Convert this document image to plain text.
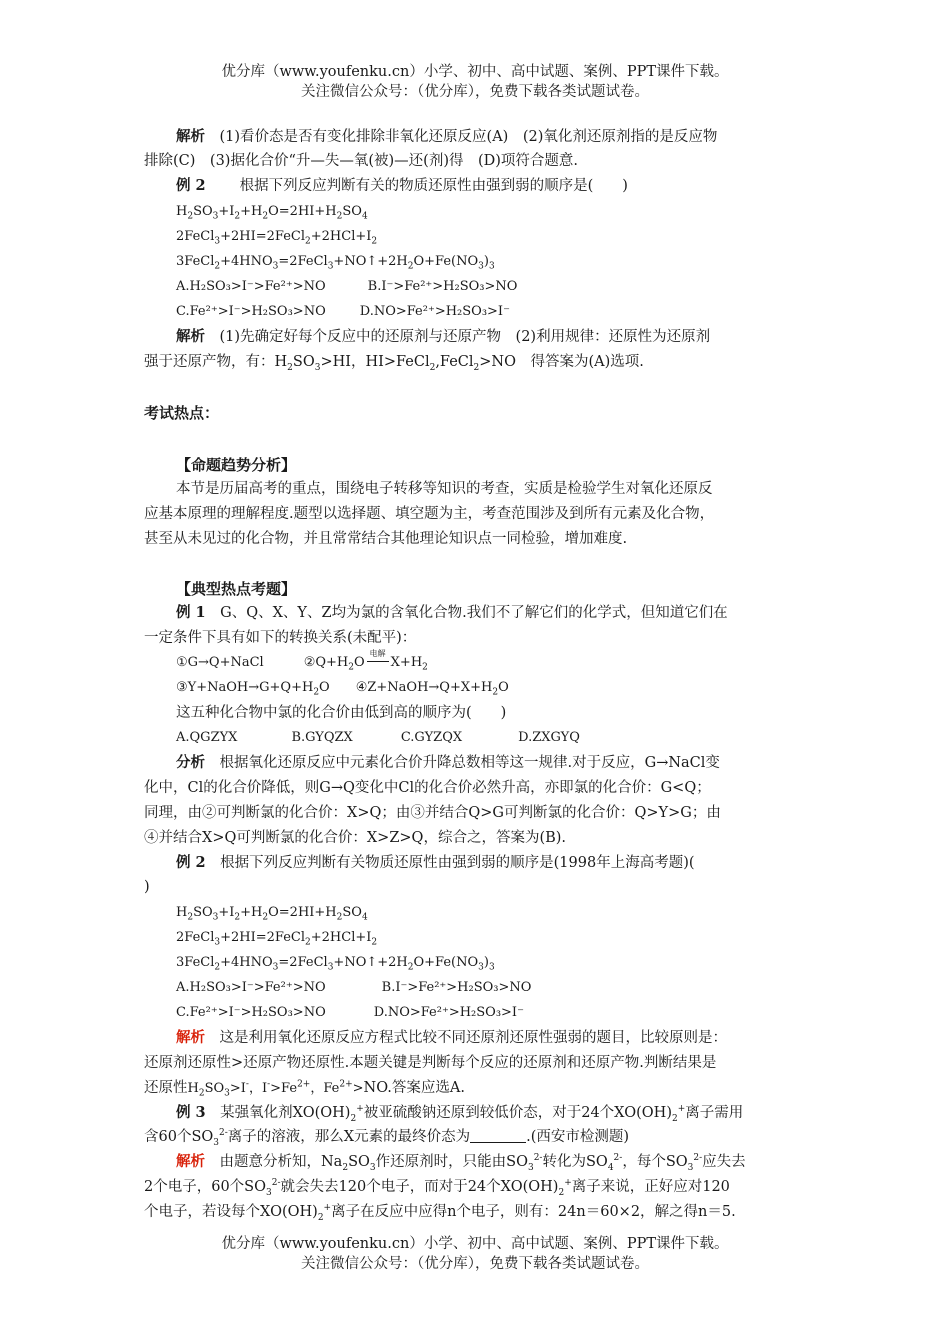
优分库（www.youfenku.cn）小学、初中、高中试题、案例、PPT课件下载。
关注微信公众号：（优分库），免费下载各类试题试卷。
解析　 (1)看价态是否有变化排除非氧化还原反应(A)　(2)氧化剂还原剂指的是反应物
排除(C)　(3)据化合价“升—失—氧(被)—还(剂)得　(D)项符合题意.
例 2 根据下列反应判断有关的物质还原性由强到弱的顺序是(　　)
$H_2SO_3+I_2+H_2O=2HI+H_2SO_4$
$2FeCl_3+2HI=2FeCl_2+2HCl+I_2$
$3FeCl_2+4HNO_3=2FeCl_3+NO↑+2H_2O+Fe(NO_3)_3$
A.H₂SO₃>I⁻>Fe²⁺>NO	B.I⁻>Fe²⁺>H₂SO₃>NO
C.Fe²⁺>I⁻>H₂SO₃>NO	D.NO>Fe²⁺>H₂SO₃>I⁻
解析　 (1)先确定好每个反应中的还原剂与还原产物　(2)利用规律：还原性为还原剂
强于还原产物，有：$H_2SO_3>HI$，HI>FeCl$_2$,FeCl$_2$>NO　得答案为(A)选项.
考试热点：
【命题趋势分析】
本节是历届高考的重点，围绕电子转移等知识的考查，实质是检验学生对氧化还原反
应基本原理的理解程度.题型以选择题、填空题为主，考查范围涉及到所有元素及化合物，
甚至从未见过的化合物，并且常常结合其他理论知识点一同检验，增加难度.
【典型热点考题】
例 1　 G、Q、X、Y、Z均为氯的含氧化合物.我们不了解它们的化学式，但知道它们在
一定条件下具有如下的转换关系(未配平)：
①G→Q+NaCl	$②Q+H_2O$
电解
$X+H_2$
$③Y+NaOH\to G+Q+H_2O$ $④Z+NaOH\to Q+X+H_2O$
这五种化合物中氯的化合价由低到高的顺序为(　　)
A.QGZYX	B.GYQZX	C.GYZQX	D.ZXGYQ
分析　 根据氧化还原反应中元素化合价升降总数相等这一规律.对于反应，G→NaCl变
化中，Cl的化合价降低，则G→Q变化中Cl的化合价必然升高，亦即氯的化合价：G<Q；
同理，由②可判断氯的化合价：X>Q；由③并结合Q>G可判断氯的化合价：Q>Y>G；由
④并结合X>Q可判断氯的化合价：X>Z>Q，综合之，答案为(B).
例 2　 根据下列反应判断有关物质还原性由强到弱的顺序是(1998年上海高考题)(
)
$H_2SO_3+I_2+H_2O=2HI+H_2SO_4$
$2FeCl_3+2HI=2FeCl_2+2HCl+I_2$
$3FeCl_2+4HNO_3=2FeCl_3+NO↑+2H_2O+Fe(NO_3)_3$
A.H₂SO₃>I⁻>Fe²⁺>NO	B.I⁻>Fe²⁺>H₂SO₃>NO
C.Fe²⁺>I⁻>H₂SO₃>NO	D.NO>Fe²⁺>H₂SO₃>I⁻
解析　 这是利用氧化还原反应方程式比较不同还原剂还原性强弱的题目，比较原则是：
还原剂还原性>还原产物还原性.本题关键是判断每个反应的还原剂和还原产物.判断结果是
还原性$H_2SO_3>I^-$，$I^->Fe^{2+}$，$Fe^{2+}>NO$.答案应选A.
例 3　 某强氧化剂$XO(OH)_2^+$被亚硫酸钠还原到较低价态，对于24个$XO(OH)_2^+$离子需用
含60个$SO_3^{2-}$离子的溶液，那么X元素的最终价态为	.(西安市检测题)
解析　 由题意分析知，$Na_2SO_3$作还原剂时，只能由$SO_3^{2-}$转化为$SO_4^{2-}$，每个$SO_3^{2-}$应失去
2个电子，60个$SO_3^{2-}$就会失去120个电子，而对于24个$XO(OH)_2^+$离子来说，正好应对120
个电子，若设每个$XO(OH)_2^+$离子在反应中应得n个电子，则有：24n＝60×2，解之得n＝5.
优分库（www.youfenku.cn）小学、初中、高中试题、案例、PPT课件下载。
关注微信公众号：（优分库），免费下载各类试题试卷。
